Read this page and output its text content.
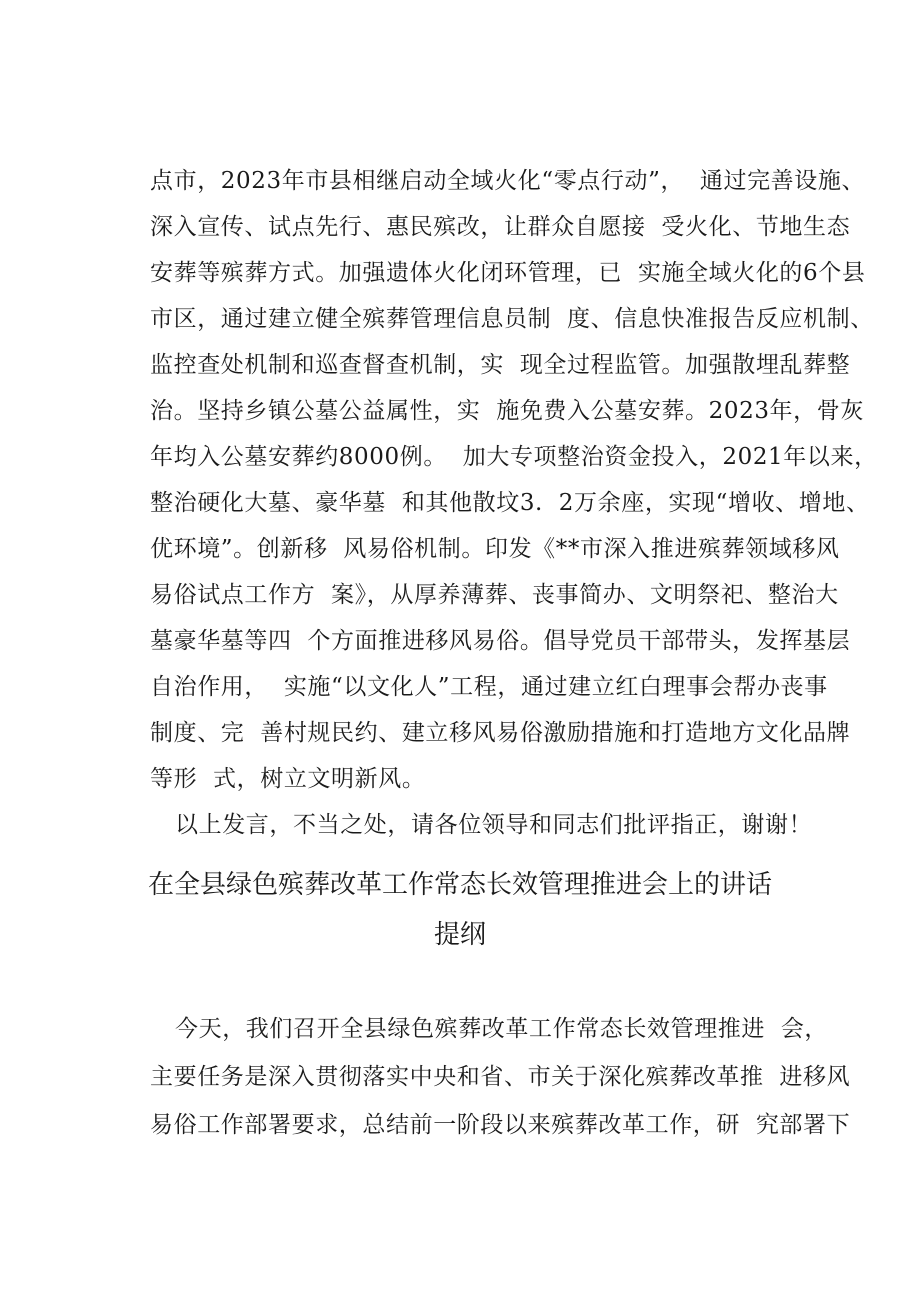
点市，2023年市县相继启动全域火化“零点行动”，  通过完善设施、
深入宣传、试点先行、惠民殡改，让群众自愿接  受火化、节地生态
安葬等殡葬方式。加强遗体火化闭环管理，已  实施全域火化的6个县
市区，通过建立健全殡葬管理信息员制  度、信息快准报告反应机制、
监控查处机制和巡查督查机制，实  现全过程监管。加强散埋乱葬整
治。坚持乡镇公墓公益属性，实  施免费入公墓安葬。2023年，骨灰
年均入公墓安葬约8000例。  加大专项整治资金投入，2021年以来，
整治硬化大墓、豪华墓  和其他散坟3.  2万余座，实现“增收、增地、
优环境”。创新移  风易俗机制。印发《**市深入推进殡葬领域移风
易俗试点工作方  案》，从厚养薄葬、丧事简办、文明祭祀、整治大
墓豪华墓等四  个方面推进移风易俗。倡导党员干部带头，发挥基层
自治作用，  实施“以文化人”工程，通过建立红白理事会帮办丧事
制度、完  善村规民约、建立移风易俗激励措施和打造地方文化品牌
等形  式，树立文明新风。
以上发言，不当之处，请各位领导和同志们批评指正，谢谢！
在全县绿色殡葬改革工作常态长效管理推进会上的讲话
提纲
今天，我们召开全县绿色殡葬改革工作常态长效管理推进  会，
主要任务是深入贯彻落实中央和省、市关于深化殡葬改革推  进移风
易俗工作部署要求，总结前一阶段以来殡葬改革工作，研  究部署下
